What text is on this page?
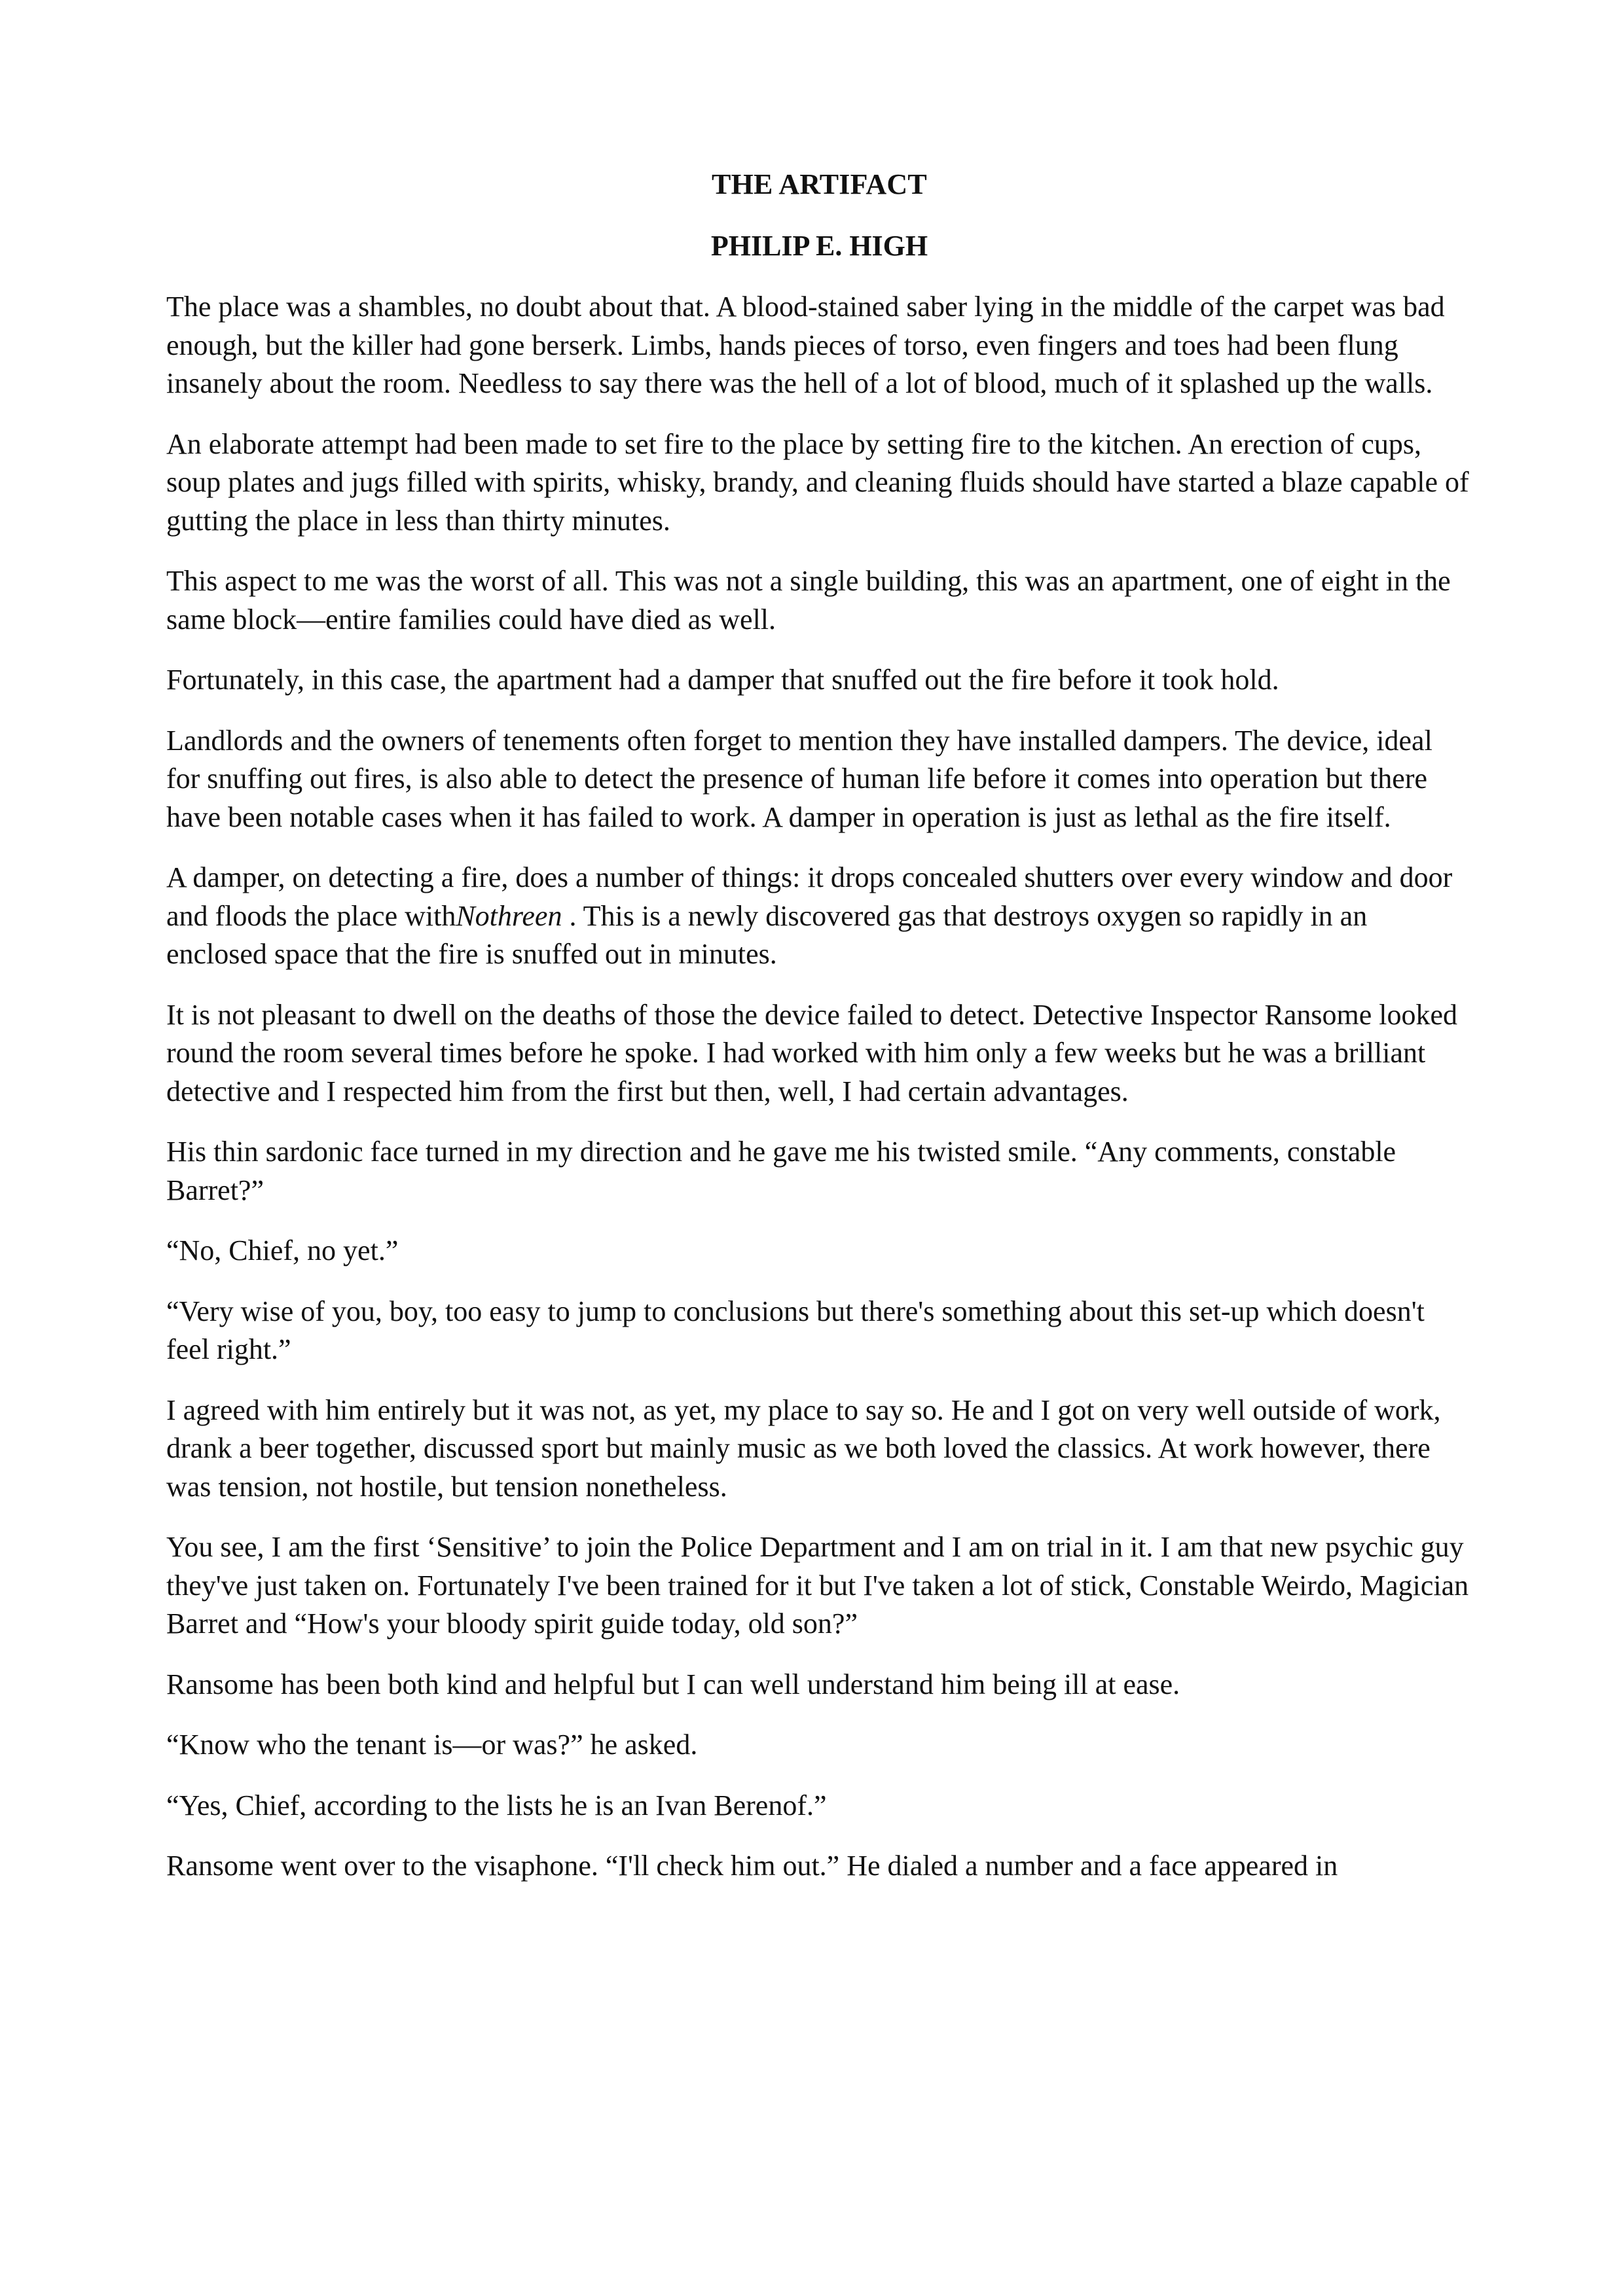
THE ARTIFACT
PHILIP E. HIGH

The place was a shambles, no doubt about that. A blood-stained saber lying in the middle of the carpet was bad enough, but the killer had gone berserk. Limbs, hands pieces of torso, even fingers and toes had been flung insanely about the room. Needless to say there was the hell of a lot of blood, much of it splashed up the walls.

An elaborate attempt had been made to set fire to the place by setting fire to the kitchen. An erection of cups, soup plates and jugs filled with spirits, whisky, brandy, and cleaning fluids should have started a blaze capable of gutting the place in less than thirty minutes.

This aspect to me was the worst of all. This was not a single building, this was an apartment, one of eight in the same block—entire families could have died as well.

Fortunately, in this case, the apartment had a damper that snuffed out the fire before it took hold.

Landlords and the owners of tenements often forget to mention they have installed dampers. The device, ideal for snuffing out fires, is also able to detect the presence of human life before it comes into operation but there have been notable cases when it has failed to work. A damper in operation is just as lethal as the fire itself.

A damper, on detecting a fire, does a number of things: it drops concealed shutters over every window and door and floods the place withNothreen . This is a newly discovered gas that destroys oxygen so rapidly in an enclosed space that the fire is snuffed out in minutes.

It is not pleasant to dwell on the deaths of those the device failed to detect. Detective Inspector Ransome looked round the room several times before he spoke. I had worked with him only a few weeks but he was a brilliant detective and I respected him from the first but then, well, I had certain advantages.

His thin sardonic face turned in my direction and he gave me his twisted smile. “Any comments, constable Barret?”

“No, Chief, no yet.”

“Very wise of you, boy, too easy to jump to conclusions but there's something about this set-up which doesn't feel right.”

I agreed with him entirely but it was not, as yet, my place to say so. He and I got on very well outside of work, drank a beer together, discussed sport but mainly music as we both loved the classics. At work however, there was tension, not hostile, but tension nonetheless.

You see, I am the first ‘Sensitive’ to join the Police Department and I am on trial in it. I am that new psychic guy they've just taken on. Fortunately I've been trained for it but I've taken a lot of stick, Constable Weirdo, Magician Barret and “How's your bloody spirit guide today, old son?”

Ransome has been both kind and helpful but I can well understand him being ill at ease.

“Know who the tenant is—or was?” he asked.

“Yes, Chief, according to the lists he is an Ivan Berenof.”

Ransome went over to the visaphone. “I'll check him out.” He dialed a number and a face appeared in
